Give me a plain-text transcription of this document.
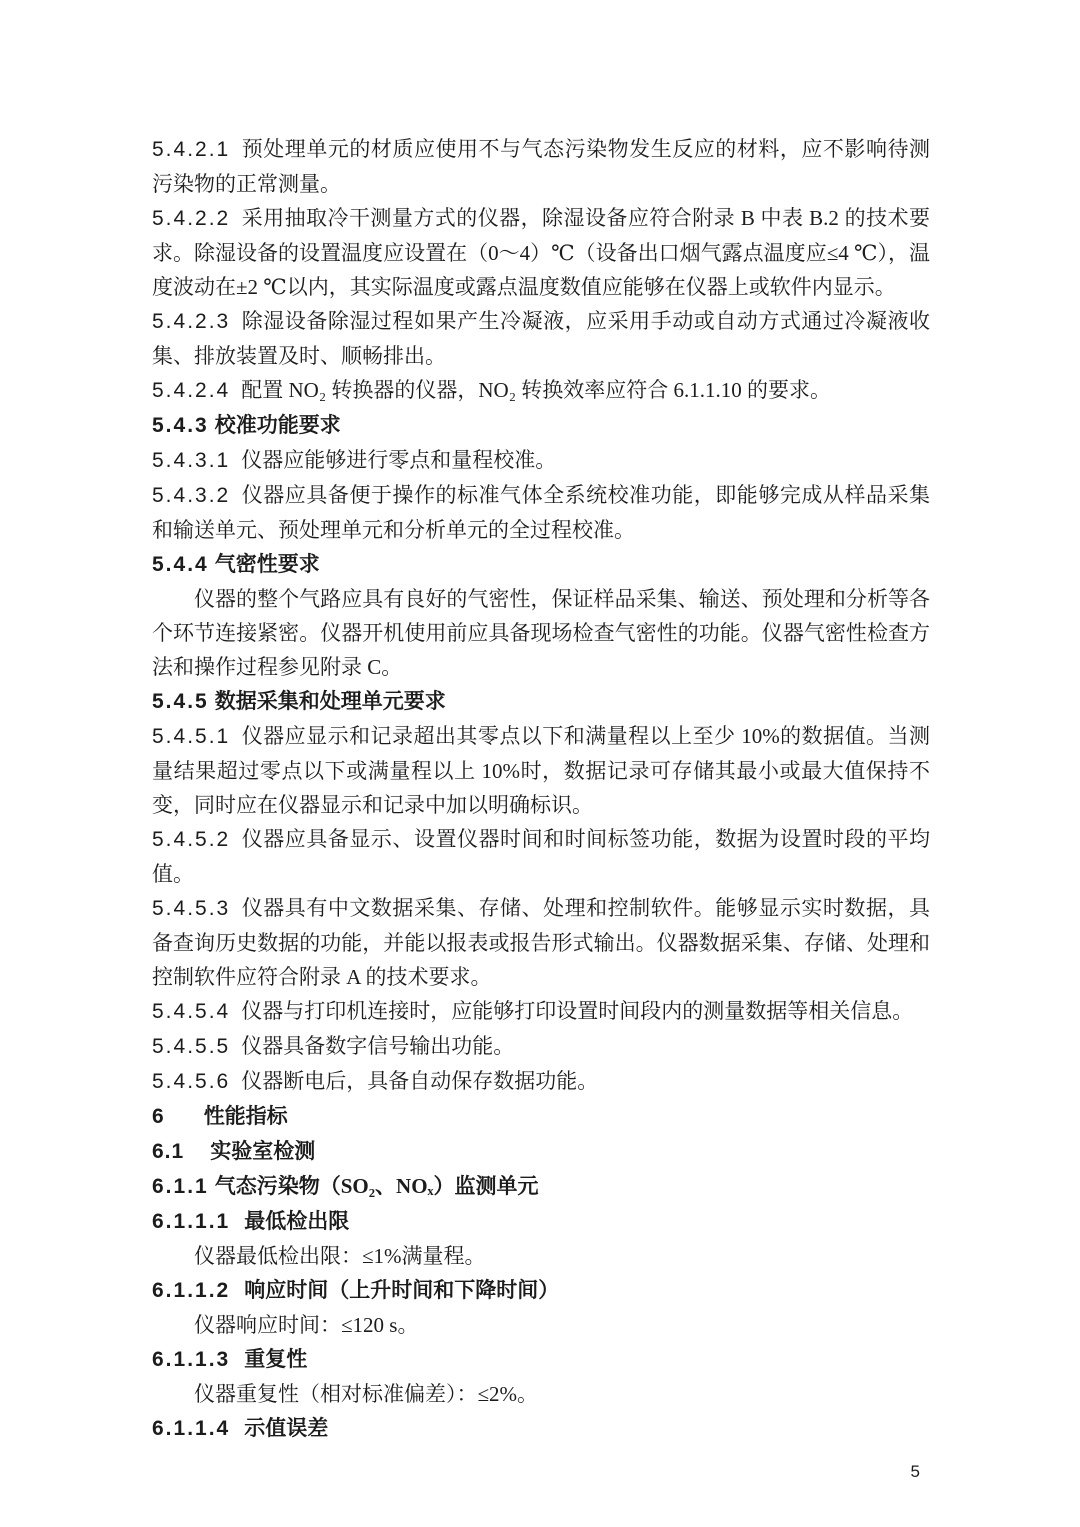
5.4.2.1 预处理单元的材质应使用不与气态污染物发生反应的材料，应不影响待测污染物的正常测量。

5.4.2.2 采用抽取冷干测量方式的仪器，除湿设备应符合附录 B 中表 B.2 的技术要求。除湿设备的设置温度应设置在（0～4）℃（设备出口烟气露点温度应≤4 ℃），温度波动在±2 ℃以内，其实际温度或露点温度数值应能够在仪器上或软件内显示。

5.4.2.3 除湿设备除湿过程如果产生冷凝液，应采用手动或自动方式通过冷凝液收集、排放装置及时、顺畅排出。

5.4.2.4 配置 NO₂ 转换器的仪器，NO₂ 转换效率应符合 6.1.1.10 的要求。

5.4.3 校准功能要求

5.4.3.1 仪器应能够进行零点和量程校准。

5.4.3.2 仪器应具备便于操作的标准气体全系统校准功能，即能够完成从样品采集和输送单元、预处理单元和分析单元的全过程校准。

5.4.4 气密性要求

仪器的整个气路应具有良好的气密性，保证样品采集、输送、预处理和分析等各个环节连接紧密。仪器开机使用前应具备现场检查气密性的功能。仪器气密性检查方法和操作过程参见附录 C。

5.4.5 数据采集和处理单元要求

5.4.5.1 仪器应显示和记录超出其零点以下和满量程以上至少 10%的数据值。当测量结果超过零点以下或满量程以上 10%时，数据记录可存储其最小或最大值保持不变，同时应在仪器显示和记录中加以明确标识。

5.4.5.2 仪器应具备显示、设置仪器时间和时间标签功能，数据为设置时段的平均值。

5.4.5.3 仪器具有中文数据采集、存储、处理和控制软件。能够显示实时数据，具备查询历史数据的功能，并能以报表或报告形式输出。仪器数据采集、存储、处理和控制软件应符合附录 A 的技术要求。

5.4.5.4 仪器与打印机连接时，应能够打印设置时间段内的测量数据等相关信息。

5.4.5.5 仪器具备数字信号输出功能。

5.4.5.6 仪器断电后，具备自动保存数据功能。

6 性能指标

6.1 实验室检测

6.1.1 气态污染物（SO₂、NOₓ）监测单元

6.1.1.1 最低检出限

仪器最低检出限：≤1%满量程。

6.1.1.2 响应时间（上升时间和下降时间）

仪器响应时间：≤120 s。

6.1.1.3 重复性

仪器重复性（相对标准偏差）：≤2%。

6.1.1.4 示值误差

5
